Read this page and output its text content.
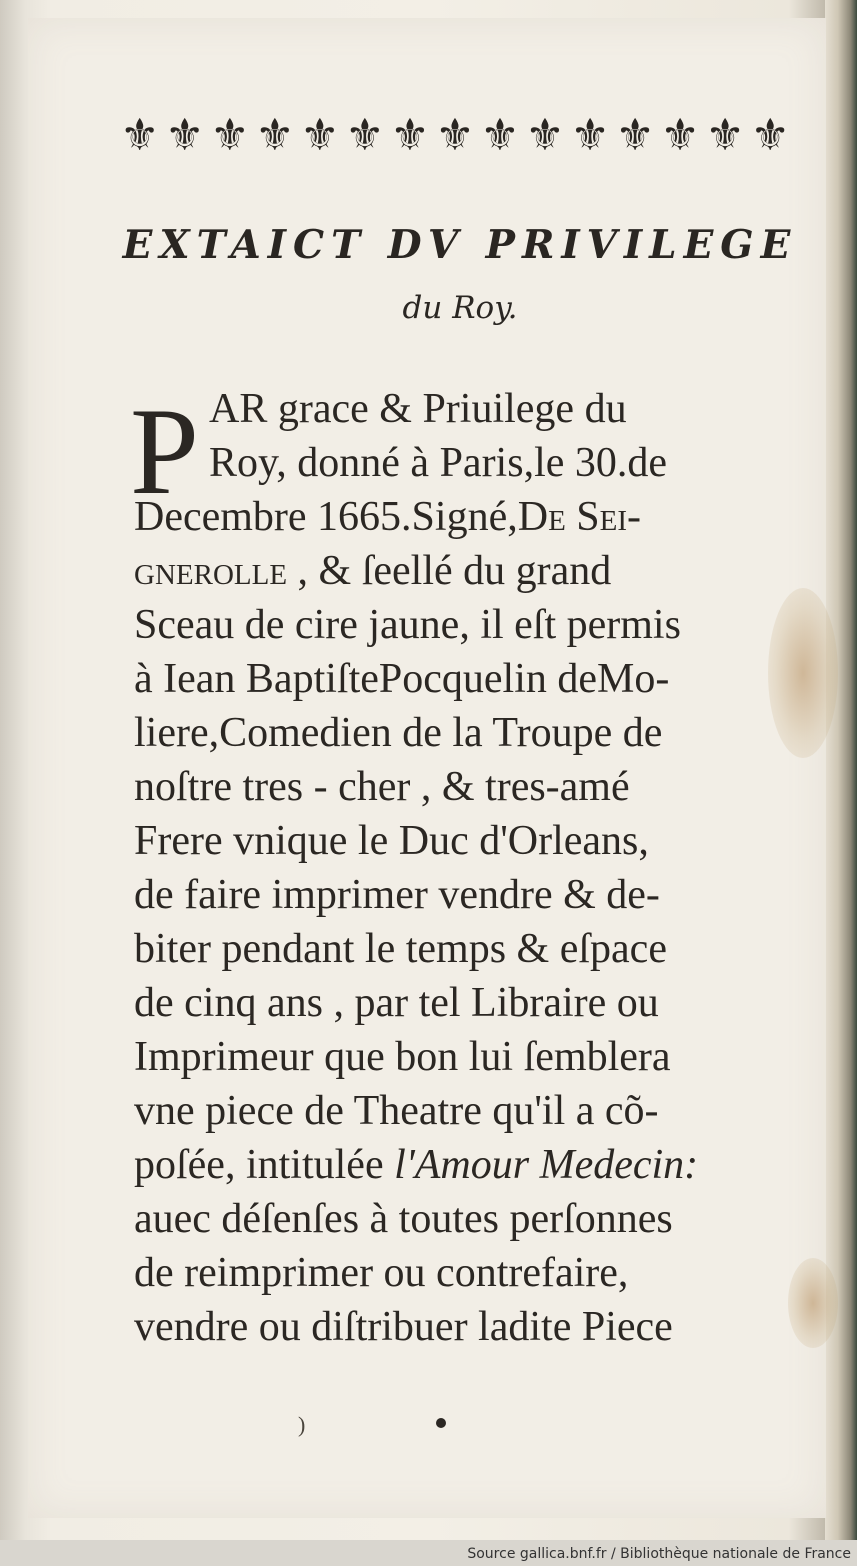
⚜ ⚜ ⚜ ⚜ ⚜ ⚜ ⚜ ⚜ ⚜ ⚜ ⚜ ⚜ ⚜ ⚜ ⚜
EXTAICT DV PRIVILEGE
du Roy.
P AR grace & Priuilege du
Roy, donné à Paris,le 30.de
Decembre 1665.Signé,De Sei-
gnerolle , & ſeellé du grand
Sceau de cire jaune, il eſt permis
à Iean BaptiſtePocquelin deMo-
liere,Comedien de la Troupe de
noſtre tres - cher , & tres-amé
Frere vnique le Duc d'Orleans,
de faire imprimer vendre & de-
biter pendant le temps & eſpace
de cinq ans , par tel Libraire ou
Imprimeur que bon lui ſemblera
vne piece de Theatre qu'il a cõ-
poſée, intitulée l'Amour Medecin:
auec déſenſes à toutes perſonnes
de reimprimer ou contrefaire,
vendre ou diſtribuer ladite Piece
)
Source gallica.bnf.fr / Bibliothèque nationale de France
